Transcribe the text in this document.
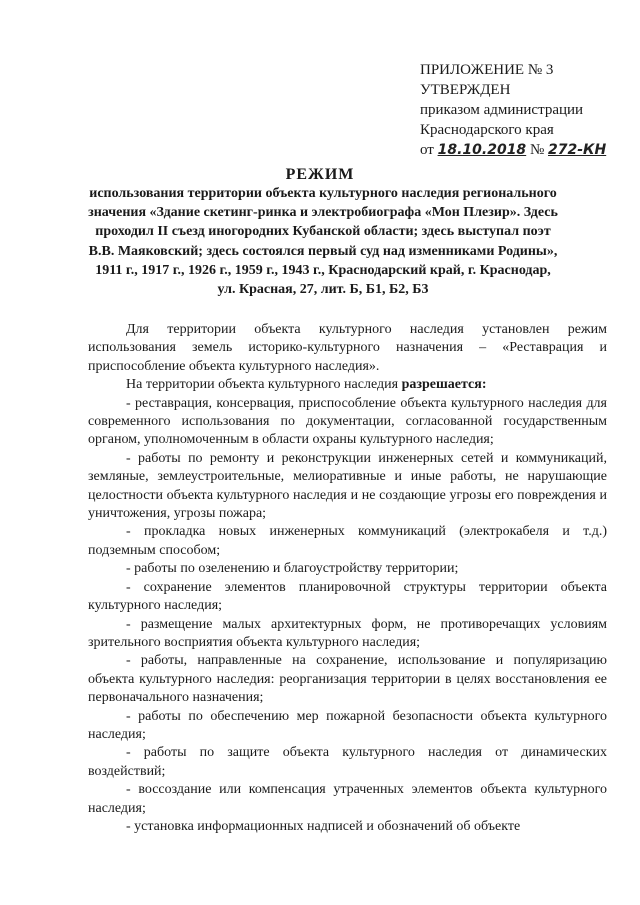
ПРИЛОЖЕНИЕ № 3
УТВЕРЖДЕН
приказом администрации
Краснодарского края
от 18.10.2018 № 272-КН
РЕЖИМ
использования территории объекта культурного наследия регионального значения «Здание скетинг-ринка и электробиографа «Мон Плезир». Здесь проходил II съезд иногородних Кубанской области; здесь выступал поэт В.В. Маяковский; здесь состоялся первый суд над изменниками Родины», 1911 г., 1917 г., 1926 г., 1959 г., 1943 г., Краснодарский край, г. Краснодар, ул. Красная, 27, лит. Б, Б1, Б2, Б3

Для территории объекта культурного наследия установлен режим использования земель историко-культурного назначения – «Реставрация и приспособление объекта культурного наследия».

На территории объекта культурного наследия разрешается:

- реставрация, консервация, приспособление объекта культурного наследия для современного использования по документации, согласованной государственным органом, уполномоченным в области охраны культурного наследия;

- работы по ремонту и реконструкции инженерных сетей и коммуникаций, земляные, землеустроительные, мелиоративные и иные работы, не нарушающие целостности объекта культурного наследия и не создающие угрозы его повреждения и уничтожения, угрозы пожара;

- прокладка новых инженерных коммуникаций (электрокабеля и т.д.) подземным способом;

- работы по озеленению и благоустройству территории;

- сохранение элементов планировочной структуры территории объекта культурного наследия;

- размещение малых архитектурных форм, не противоречащих условиям зрительного восприятия объекта культурного наследия;

- работы, направленные на сохранение, использование и популяризацию объекта культурного наследия: реорганизация территории в целях восстановления ее первоначального назначения;

- работы по обеспечению мер пожарной безопасности объекта культурного наследия;

- работы по защите объекта культурного наследия от динамических воздействий;

- воссоздание или компенсация утраченных элементов объекта культурного наследия;

- установка информационных надписей и обозначений об объекте
